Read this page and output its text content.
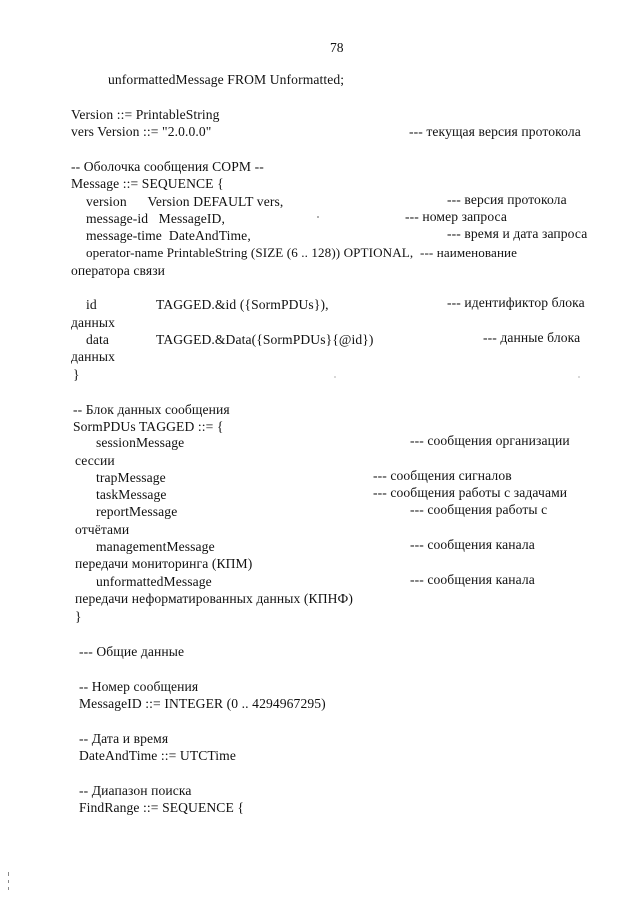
78
unformattedMessage FROM Unformatted;
Version ::= PrintableString
vers Version ::= "2.0.0.0"	--- текущая версия протокола
-- Оболочка сообщения СОРМ --
Message ::= SEQUENCE {
version      Version DEFAULT vers,	--- версия протокола
message-id   MessageID,	--- номер запроса
message-time  DateAndTime,	--- время и дата запроса
operator-name PrintableString (SIZE (6 .. 128)) OPTIONAL,  --- наименование
оператора связи
id	TAGGED.&id ({SormPDUs}),	--- идентификтор блока
данных
data	TAGGED.&Data({SormPDUs}{@id})	--- данные блока
данных
}
-- Блок данных сообщения
SormPDUs TAGGED ::= {
sessionMessage	--- сообщения организации
сессии
trapMessage	--- сообщения сигналов
taskMessage	--- сообщения работы с задачами
reportMessage	--- сообщения работы с
отчётами
managementMessage	--- сообщения канала
передачи мониторинга (КПМ)
unformattedMessage	--- сообщения канала
передачи неформатированных данных (КПНФ)
}
--- Общие данные
-- Номер сообщения
MessageID ::= INTEGER (0 .. 4294967295)
-- Дата и время
DateAndTime ::= UTCTime
-- Диапазон поиска
FindRange ::= SEQUENCE {
